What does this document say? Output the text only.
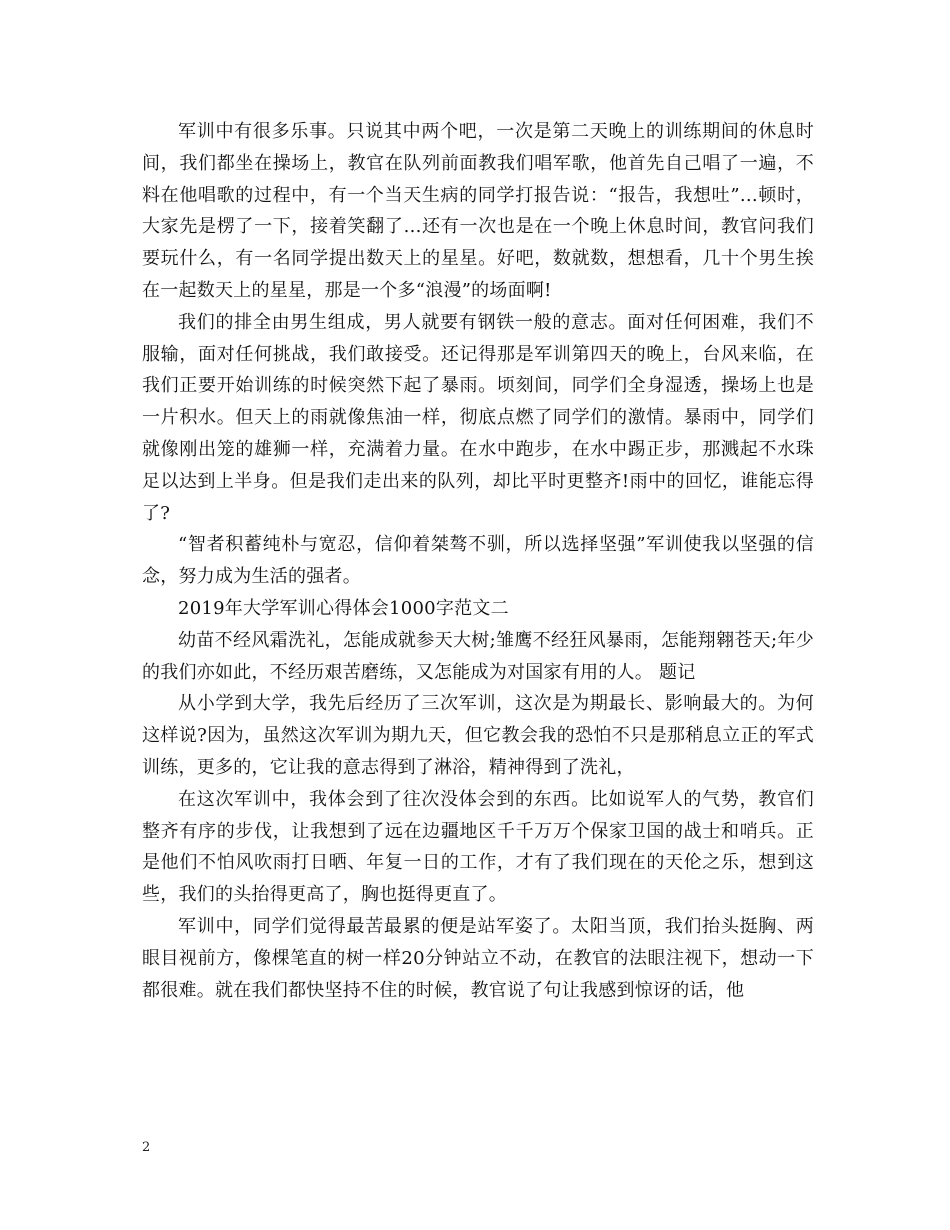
军训中有很多乐事。只说其中两个吧，一次是第二天晚上的训练期间的休息时间，我们都坐在操场上，教官在队列前面教我们唱军歌，他首先自己唱了一遍，不料在他唱歌的过程中，有一个当天生病的同学打报告说：“报告，我想吐”…顿时，大家先是楞了一下，接着笑翻了…还有一次也是在一个晚上休息时间，教官问我们要玩什么，有一名同学提出数天上的星星。好吧，数就数，想想看，几十个男生挨在一起数天上的星星，那是一个多“浪漫”的场面啊!

我们的排全由男生组成，男人就要有钢铁一般的意志。面对任何困难，我们不服输，面对任何挑战，我们敢接受。还记得那是军训第四天的晚上，台风来临，在我们正要开始训练的时候突然下起了暴雨。顷刻间，同学们全身湿透，操场上也是一片积水。但天上的雨就像焦油一样，彻底点燃了同学们的激情。暴雨中，同学们就像刚出笼的雄狮一样，充满着力量。在水中跑步，在水中踢正步，那溅起不水珠足以达到上半身。但是我们走出来的队列，却比平时更整齐!雨中的回忆，谁能忘得了?

“智者积蓄纯朴与宽忍，信仰着桀骜不驯，所以选择坚强”军训使我以坚强的信念，努力成为生活的强者。

2019年大学军训心得体会1000字范文二

幼苗不经风霜洗礼，怎能成就参天大树;雏鹰不经狂风暴雨，怎能翔翱苍天;年少的我们亦如此，不经历艰苦磨练，又怎能成为对国家有用的人。 题记

从小学到大学，我先后经历了三次军训，这次是为期最长、影响最大的。为何这样说?因为，虽然这次军训为期九天，但它教会我的恐怕不只是那稍息立正的军式训练，更多的，它让我的意志得到了淋浴，精神得到了洗礼，

在这次军训中，我体会到了往次没体会到的东西。比如说军人的气势，教官们整齐有序的步伐，让我想到了远在边疆地区千千万万个保家卫国的战士和哨兵。正是他们不怕风吹雨打日晒、年复一日的工作，才有了我们现在的天伦之乐，想到这些，我们的头抬得更高了，胸也挺得更直了。

军训中，同学们觉得最苦最累的便是站军姿了。太阳当顶，我们抬头挺胸、两眼目视前方，像棵笔直的树一样20分钟站立不动，在教官的法眼注视下，想动一下都很难。就在我们都快坚持不住的时候，教官说了句让我感到惊讶的话，他

2
